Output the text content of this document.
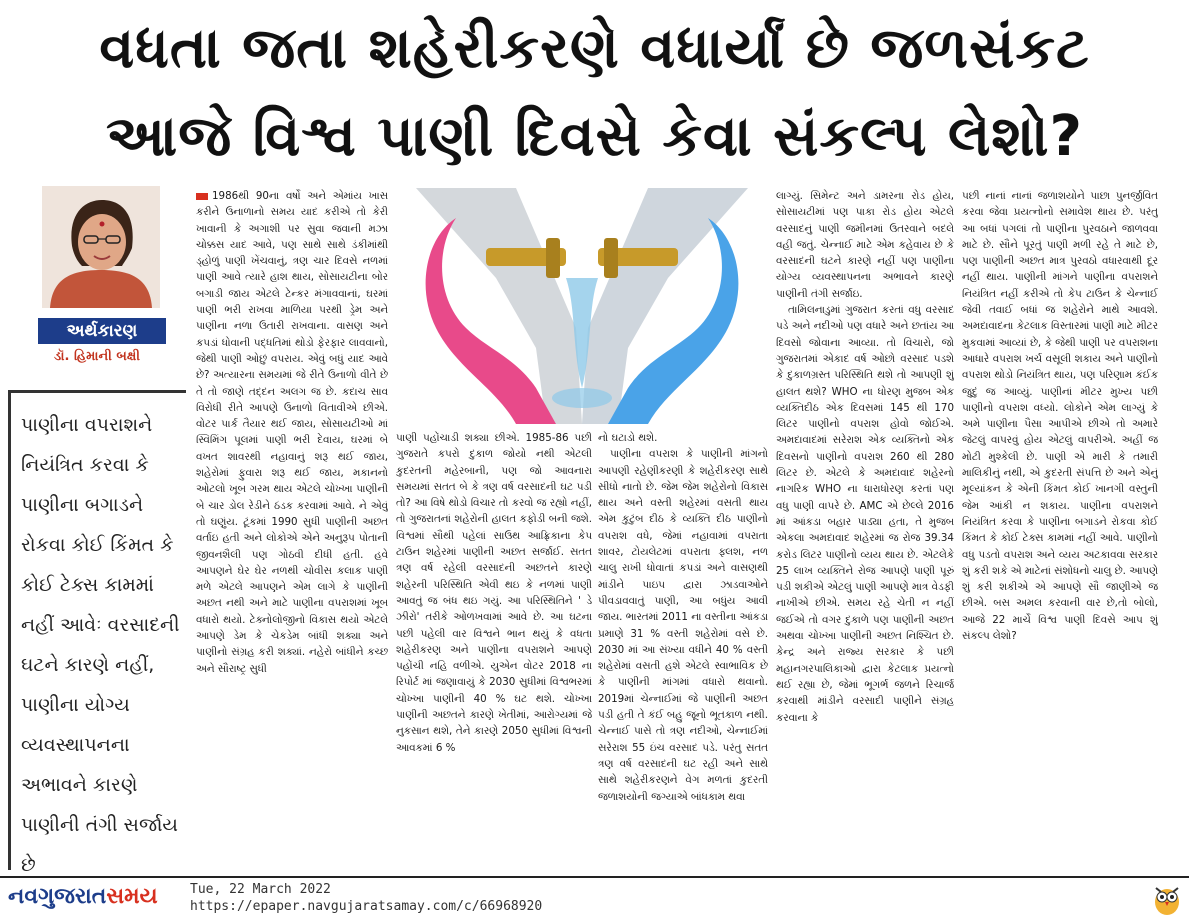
વધતા જતા શહેરીકરણે વધાર્યાં છે જળસંકટ
આજે વિશ્વ પાણી દિવસે કેવા સંકલ્પ લેશો?
અર્થકારણ
ડૉ. હિમાની બક્ષી
પાણીના વપરાશને નિયંત્રિત કરવા કે પાણીના બગાડને રોકવા કોઈ કિંમત કે કોઈ ટેક્સ કામમાં નહીં આવેઃ વરસાદની ઘટને કારણે નહીં, પાણીના યોગ્ય વ્યવસ્થાપનના અભાવને કારણે પાણીની તંગી સર્જાય છે

1986થી 90ના વર્ષો અને એમાંય ખાસ કરીને ઉનાળાનો સમય યાદ કરીએ તો કેરી ખાવાની કે અગાશી પર સુવા જવાની મઝા ચોક્કસ યાદ આવે, પણ સાથે સાથે ડંકીમાંથી ડ્હોળું પાણી ખેંચવાનું, ત્રણ ચાર દિવસે નળમાં પાણી આવે ત્યારે હાશ થાય, સોસાયટીના બોર બગાડી જાય એટલે ટેન્કર મંગાવવાનાં, ઘરમાં પાણી ભરી રાખવા માળિયા પરથી ડ્રેમ અને પાણીના નળા ઉતારી રાખવાના. વાસણ અને કપડાં ધોવાની પદ્ધતિમાં થોડો ફેરફાર લાવવાનો, જેથી પાણી ઓછું વપરાય. એવું બધું યાદ આવે છે? અત્યારના સમયમાં જે રીતે ઉનાળો વીતે છે તે તો જાણે તદ્દન અલગ જ છે. કદાચ સાવ વિરોધી રીતે આપણે ઉનાળો વિતાવીએ છીએ. વોટર પાર્ક તૈયાર થઈ જાય, સોસાયટીઓ માં સ્વિમિંગ પૂલમાં પાણી ભરી દેવાય, ઘરમાં બે વખત શાવરથી નહાવાનું શરૂ થઈ જાય, શહેરોમાં ફુવારા શરૂ થઈ જાય, મકાનનો ઓટલો ખૂબ ગરમ થાય એટલે ચોખ્ખા પાણીની બે ચાર ડોલ રેડીને ઠંડક કરવામાં આવે. ને એવું તો ઘણુંય. ટૂંકમાં 1990 સુધી પાણીની અછત વર્તાઇ હતી અને લોકોએ એને અનુરૂપ પોતાની જીવનશૈલી પણ ગોઠવી દીધી હતી. હવે આપણને ઘેર ઘેર નળથી ચોવીસ કલાક પાણી મળે એટલે આપણને એમ લાગે કે પાણીની અછત નથી અને માટે પાણીના વપરાશમાં ખૂબ વધારો થયો. ટેક્નોલોજીનો વિકાસ થયો એટલે આપણે ડેમ કે ચેકડેમ બાંધી શક્યા અને પાણીનો સંગ્રહ કરી શક્યાં. નહેરો બાંધીને કચ્છ અને સૌરાષ્ટ્ર સુધી

પાણી પહોંચાડી શક્યા છીએ. 1985-86 પછી ગુજરાતે કપરો દુકાળ જોયો નથી એટલી કુદરતની મહેરબાની, પણ જો આવનારા સમયમાં સતત બે કે ત્રણ વર્ષ વરસાદની ઘટ પડી તો? આ વિષે થોડો વિચાર તો કરવો જ રહ્યો નહીં, તો ગુજરાતનાં શહેરોની હાલત કફોડી બની જશે. વિશ્વમાં સૌથી પહેલાં સાઉથ આફ્રિકાના કેપ ટાઉન શહેરમાં પાણીની અછત સર્જાઈ. સતત ત્રણ વર્ષ રહેલી વરસાદની અછતને કારણે શહેરની પરિસ્થિતિ એવી થઇ કે નળમાં પાણી આવતું જ બંધ થઇ ગયું. આ પરિસ્થિતિને ' ડે ઝીરો' તરીકે ઓળખવામાં આવે છે. આ ઘટના પછી પહેલી વાર વિશ્વને ભાન થયું કે વધતા શહેરીકરણ અને પાણીના વપરાશને આપણે પહોંચી નહિ વળીએ. યુએન વોટર 2018 ના રિપોર્ટ માં જણાવાયું કે 2030 સુધીમાં વિશ્વભરમાં ચોખ્ખા પાણીની 40 % ઘટ થશે. ચોખ્ખા પાણીની અછતને કારણે ખેતીમાં, આરોગ્યમાં જે નુકસાન થશે, તેને કારણે 2050 સુધીમાં વિશ્વની આવકમાં 6 %

નો ઘટાડો થશે.

પાણીના વપરાશ કે પાણીની માંગનો આપણી રહેણીકરણી કે શહેરીકરણ સાથે સીધો નાતો છે. જેમ જેમ શહેરોનો વિકાસ થાય અને વસ્તી શહેરમાં વસતી થાય એમ કુટુંબ દીઠ કે વ્યક્તિ દીઠ પાણીનો વપરાશ વધે, જેમાં નહાવામાં વપરાતા શાવર, ટોયલેટમાં વપરાતા ફ્લશ, નળ ચાલુ રાખી ધોવાતાં કપડાં અને વાસણથી માંડીને પાઇપ દ્વારા ઝાડવાઓને પીવડાવવાતું પાણી, આ બધુંય આવી જાય. ભારતમાં 2011 ના વસ્તીના આંકડા પ્રમાણે 31 % વસ્તી શહેરોમાં વસે છે. 2030 માં આ સંખ્યા વધીને 40 % વસ્તી શહેરોમાં વસતી હશે એટલે સ્વાભાવિક છે કે પાણીની માંગમાં વધારો થવાનો. 2019માં ચેન્નાઈમાં જે પાણીની અછત પડી હતી તે કંઈ બહુ જૂનો ભૂતકાળ નથી. ચેન્નાઈ પાસે તો ત્રણ નદીઓ, ચેન્નાઈમાં સરેરાશ 55 ઇંચ વરસાદ પડે. પરંતુ સતત ત્રણ વર્ષ વરસાદની ઘટ રહી અને સાથે સાથે શહેરીકરણને વેગ મળતાં કુદરતી જળાશયોની જગ્યાએ બાંધકામ થવા

લાગ્યું. સિમેન્ટ અને ડામરના રોડ હોય, સોસાયટીમાં પણ પાકા રોડ હોય એટલે વરસાદનું પાણી જમીનમાં ઉતરવાને બદલે વહી જતું. ચેન્નાઈ માટે એમ કહેવાય છે કે વરસાદની ઘટને કારણે નહીં પણ પાણીના યોગ્ય વ્યવસ્થાપનના અભાવને કારણે પાણીની તંગી સર્જાઇ.

તામિલનાડુમાં ગુજરાત કરતાં વધુ વરસાદ પડે અને નદીઓ પણ વધારે અને છતાંય આ દિવસો જોવાના આવ્યા. તો વિચારો, જો ગુજરાતમાં એકાદ વર્ષ ઓછો વરસાદ પડશે કે દુકાળગ્રસ્ત પરિસ્થિતિ થશે તો આપણી શું હાલત થશે? WHO ના ધોરણ મુજબ એક વ્યક્તિદીઠ એક દિવસમાં 145 થી 170 લિટર પાણીનો વપરાશ હોવો જોઈએ. અમદાવાદમાં સરેરાશ એક વ્યક્તિનો એક દિવસનો પાણીનો વપરાશ 260 થી 280 લિટર છે. એટલે કે અમદાવાદ શહેરનો નાગરિક WHO ના ધારાધોરણ કરતાં પણ વધુ પાણી વાપરે છે. AMC એ છેલ્લે 2016 માં આંકડા બહાર પાડ્યા હતા, તે મુજબ એકલા અમદાવાદ શહેરમાં જ રોજ 39.34 કરોડ લિટર પાણીનો વ્યય થાય છે. એટલેકે 25 લાખ વ્યક્તિને રોજ આપણે પાણી પૂરું પડી શકીએ એટલું પાણી આપણે માત્ર વેડફી નાખીએ છીએ. સમય રહે ચેતી ન નહીં જઈએ તો વગર દુકાળે પણ પાણીની અછત અથવા ચોખ્ખા પાણીની અછત નિશ્ચિત છે. કેન્દ્ર અને રાજ્ય સરકાર કે પછી મહાનગરપાલિકાઓ દ્વારા કેટલાક પ્રયત્નો થઈ રહ્યા છે, જેમાં ભૂગર્ભ જળને રિચાર્જ કરવાથી માંડીને વરસાદી પાણીને સંગ્રહ કરવાના કે

પછી નાનાં નાનાં જળાશયોને પાછા પુનર્જીવિત કરવા જેવા પ્રયત્નોનો સમાવેશ થાય છે. પરંતુ આ બધાં પગલાં તો પાણીના પુરવઠાને જાળવવા માટે છે. સૌને પૂરતું પાણી મળી રહે તે માટે છે, પણ પાણીની અછત માત્ર પુરવઠો વધારવાથી દૂર નહીં થાય. પાણીની માંગને પાણીના વપરાશને નિયંત્રિત નહીં કરીએ તો કેપ ટાઉન કે ચેન્નાઈ જેવી તવાઈ બધાં જ શહેરોને માથે આવશે. અમદાવાદના કેટલાક વિસ્તારમાં પાણી માટે મીટર મુકવામાં આવ્યાં છે, કે જેથી પાણી પર વપરાશના આધારે વપરાશ ખર્ચ વસૂલી શકાય અને પાણીનો વપરાશ થોડો નિયંત્રિત થાય, પણ પરિણામ કંઈક જુદું જ આવ્યું. પાણીનાં મીટર મુખ્ય પછી પાણીનો વપરાશ વધ્યો. લોકોને એમ લાગ્યું કે અમે પાણીના પૈસા આપીએ છીએ તો અમારે જેટલું વાપરવું હોય એટલું વાપરીએ. અહીં જ મોટી મુશ્કેલી છે. પાણી એ મારી કે તમારી માલિકીનું નથી, એ કુદરતી સંપત્તિ છે અને એનું મૂલ્યાંકન કે એની કિંમત કોઈ ખાનગી વસ્તુની જેમ આંકી ન શકાય. પાણીના વપરાશને નિયંત્રિત કરવા કે પાણીના બગાડને રોકવા કોઈ કિંમત કે કોઈ ટેક્સ કામમાં નહીં આવે. પાણીનો વધુ પડતો વપરાશ અને વ્યય અટકાવવા સરકાર શું કરી શકે એ માટેનાં સંશોધનો ચાલુ છે. આપણે શું કરી શકીએ એ આપણે સૌ જાણીએ જ છીએ. બસ અમલ કરવાની વાર છે,તો બોલો, આજે 22 માર્ચે વિશ્વ પાણી દિવસે આપ શું સંકલ્પ લેશો?

નવગુજરાતસમય Tue, 22 March 2022
https://epaper.navgujaratsamay.com/c/66968920
